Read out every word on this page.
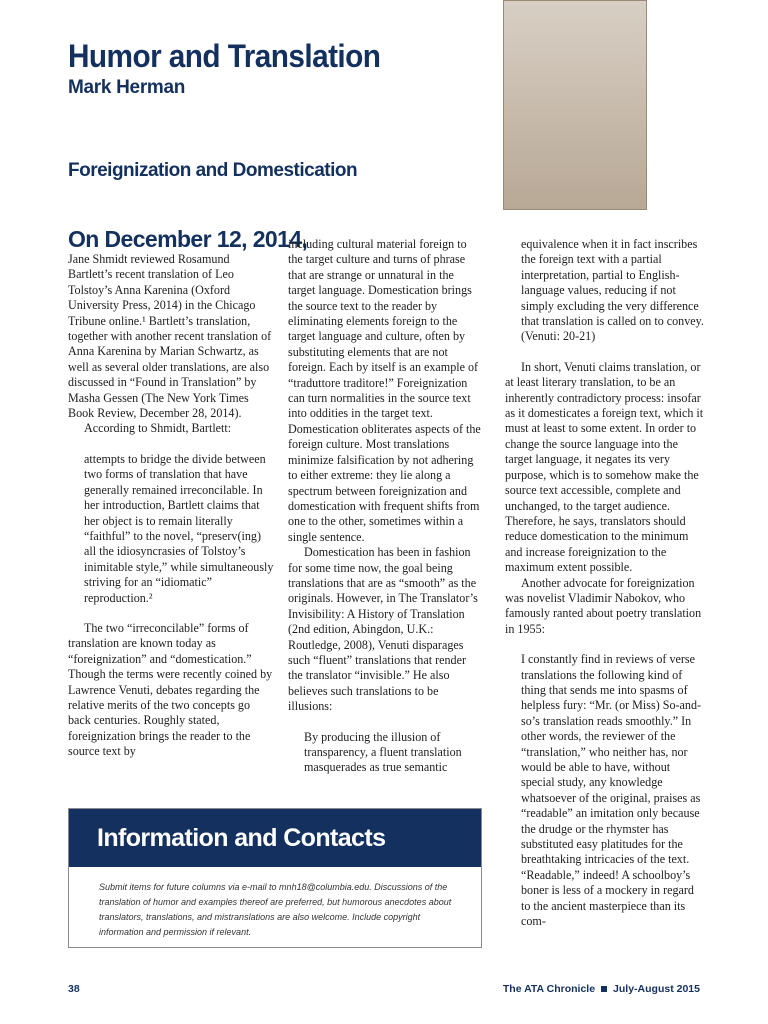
Humor and Translation
Mark Herman
Foreignization and Domestication
On December 12, 2014,

Jane Shmidt reviewed Rosamund Bartlett’s recent translation of Leo Tolstoy’s Anna Karenina (Oxford University Press, 2014) in the Chicago Tribune online.¹ Bartlett’s translation, together with another recent translation of Anna Karenina by Marian Schwartz, as well as several older translations, are also discussed in “Found in Translation” by Masha Gessen (The New York Times Book Review, December 28, 2014).

According to Shmidt, Bartlett:

attempts to bridge the divide between two forms of translation that have generally remained irreconcilable. In her introduction, Bartlett claims that her object is to remain literally “faithful” to the novel, “preserv(ing) all the idiosyncrasies of Tolstoy’s inimitable style,” while simultaneously striving for an “idiomatic” reproduction.²

The two “irreconcilable” forms of translation are known today as “foreignization” and “domestication.” Though the terms were recently coined by Lawrence Venuti, debates regarding the relative merits of the two concepts go back centuries. Roughly stated, foreignization brings the reader to the source text by

including cultural material foreign to the target culture and turns of phrase that are strange or unnatural in the target language. Domestication brings the source text to the reader by eliminating elements foreign to the target language and culture, often by substituting elements that are not foreign. Each by itself is an example of “traduttore traditore!” Foreignization can turn normalities in the source text into oddities in the target text. Domestication obliterates aspects of the foreign culture. Most translations minimize falsification by not adhering to either extreme: they lie along a spectrum between foreignization and domestication with frequent shifts from one to the other, sometimes within a single sentence.

Domestication has been in fashion for some time now, the goal being translations that are as “smooth” as the originals. However, in The Translator’s Invisibility: A History of Translation (2nd edition, Abingdon, U.K.: Routledge, 2008), Venuti disparages such “fluent” translations that render the translator “invisible.” He also believes such translations to be illusions:

By producing the illusion of transparency, a fluent translation masquerades as true semantic

equivalence when it in fact inscribes the foreign text with a partial interpretation, partial to English-language values, reducing if not simply excluding the very difference that translation is called on to convey. (Venuti: 20-21)

In short, Venuti claims translation, or at least literary translation, to be an inherently contradictory process: insofar as it domesticates a foreign text, which it must at least to some extent. In order to change the source language into the target language, it negates its very purpose, which is to somehow make the source text accessible, complete and unchanged, to the target audience. Therefore, he says, translators should reduce domestication to the minimum and increase foreignization to the maximum extent possible.

Another advocate for foreignization was novelist Vladimir Nabokov, who famously ranted about poetry translation in 1955:

I constantly find in reviews of verse translations the following kind of thing that sends me into spasms of helpless fury: “Mr. (or Miss) So-and-so’s translation reads smoothly.” In other words, the reviewer of the “translation,” who neither has, nor would be able to have, without special study, any knowledge whatsoever of the original, praises as “readable” an imitation only because the drudge or the rhymster has substituted easy platitudes for the breathtaking intricacies of the text. “Readable,” indeed! A schoolboy’s boner is less of a mockery in regard to the ancient masterpiece than its com-

Information and Contacts
Submit items for future columns via e-mail to mnh18@columbia.edu. Discussions of the translation of humor and examples thereof are preferred, but humorous anecdotes about translators, translations, and mistranslations are also welcome. Include copyright information and permission if relevant.
38	The ATA Chronicle July-August 2015
